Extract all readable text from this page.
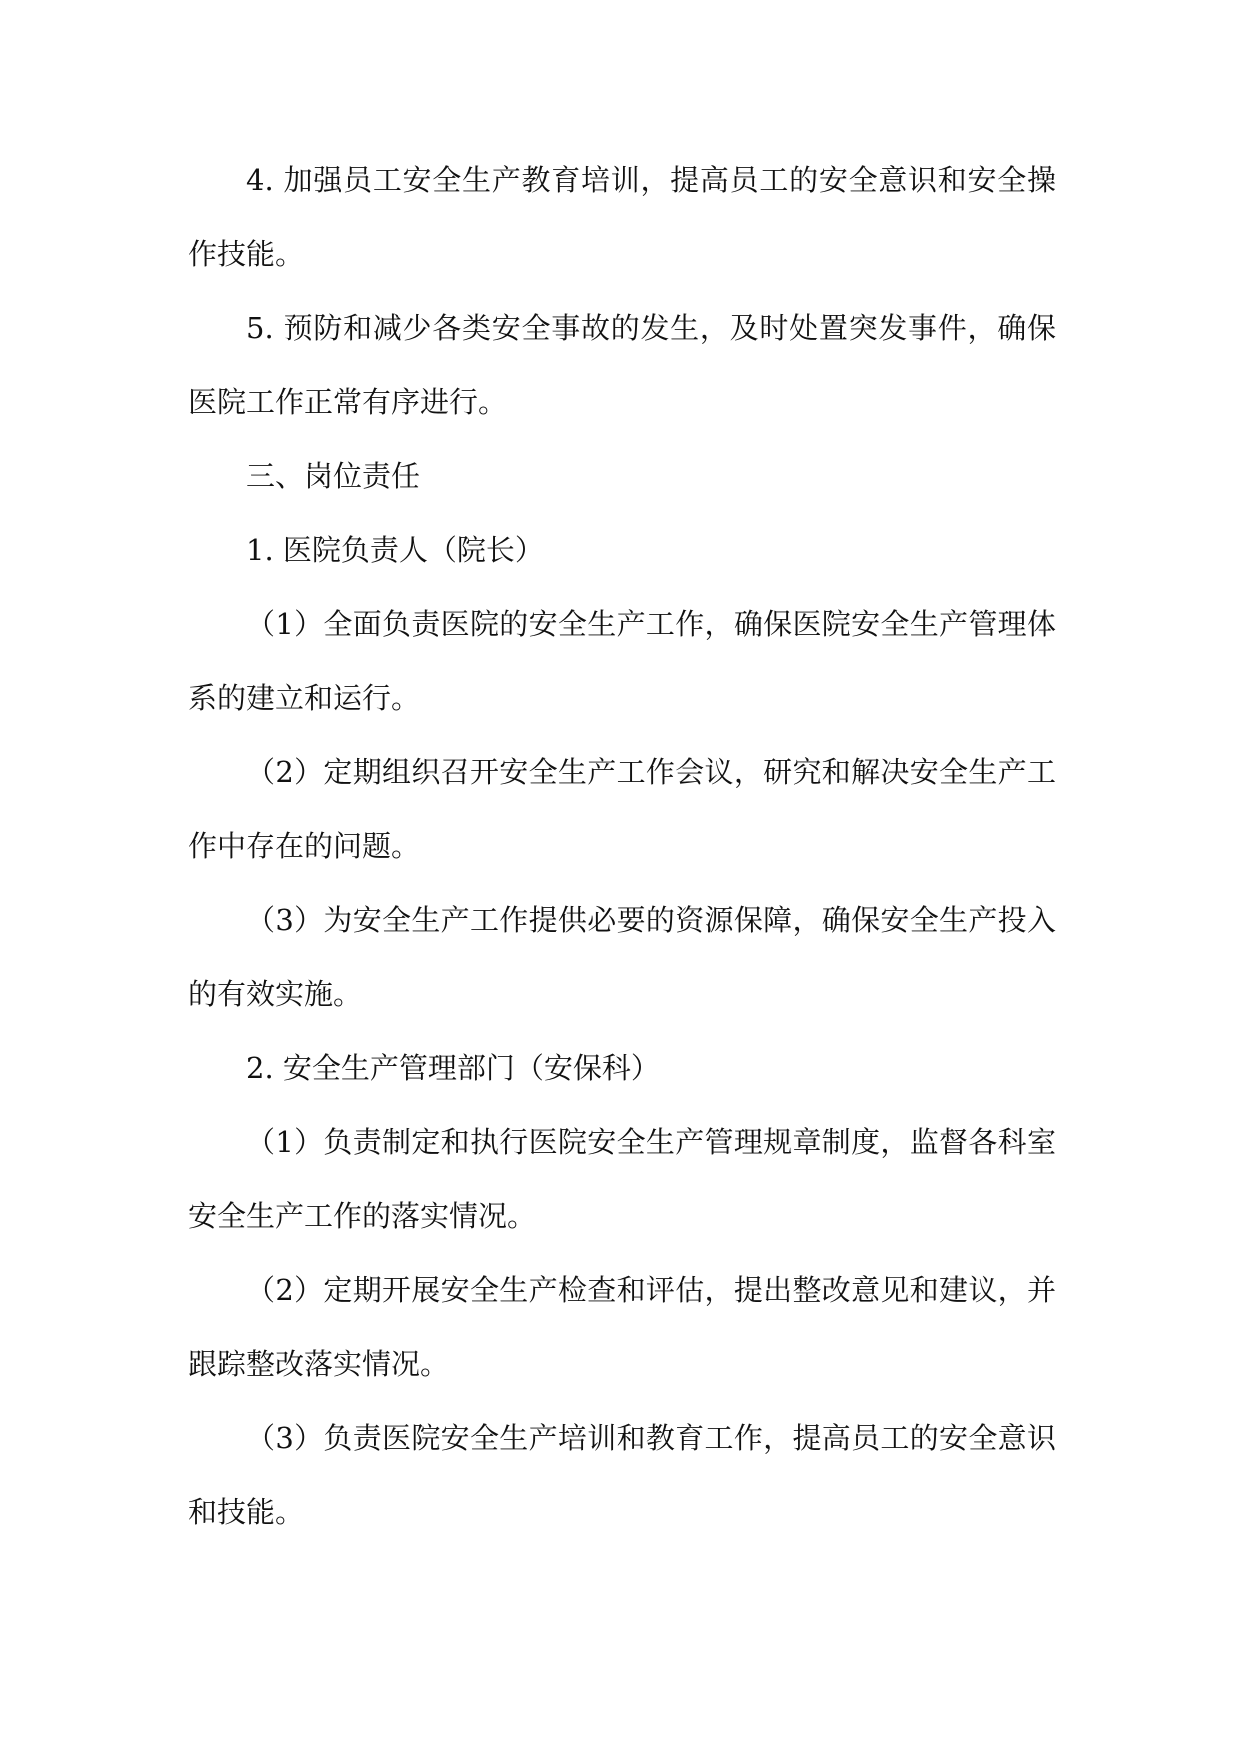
4. 加强员工安全生产教育培训，提高员工的安全意识和安全操作技能。

5. 预防和减少各类安全事故的发生，及时处置突发事件，确保医院工作正常有序进行。

三、岗位责任

1. 医院负责人（院长）

（1）全面负责医院的安全生产工作，确保医院安全生产管理体系的建立和运行。

（2）定期组织召开安全生产工作会议，研究和解决安全生产工作中存在的问题。

（3）为安全生产工作提供必要的资源保障，确保安全生产投入的有效实施。

2. 安全生产管理部门（安保科）

（1）负责制定和执行医院安全生产管理规章制度，监督各科室安全生产工作的落实情况。

（2）定期开展安全生产检查和评估，提出整改意见和建议，并跟踪整改落实情况。

（3）负责医院安全生产培训和教育工作，提高员工的安全意识和技能。
